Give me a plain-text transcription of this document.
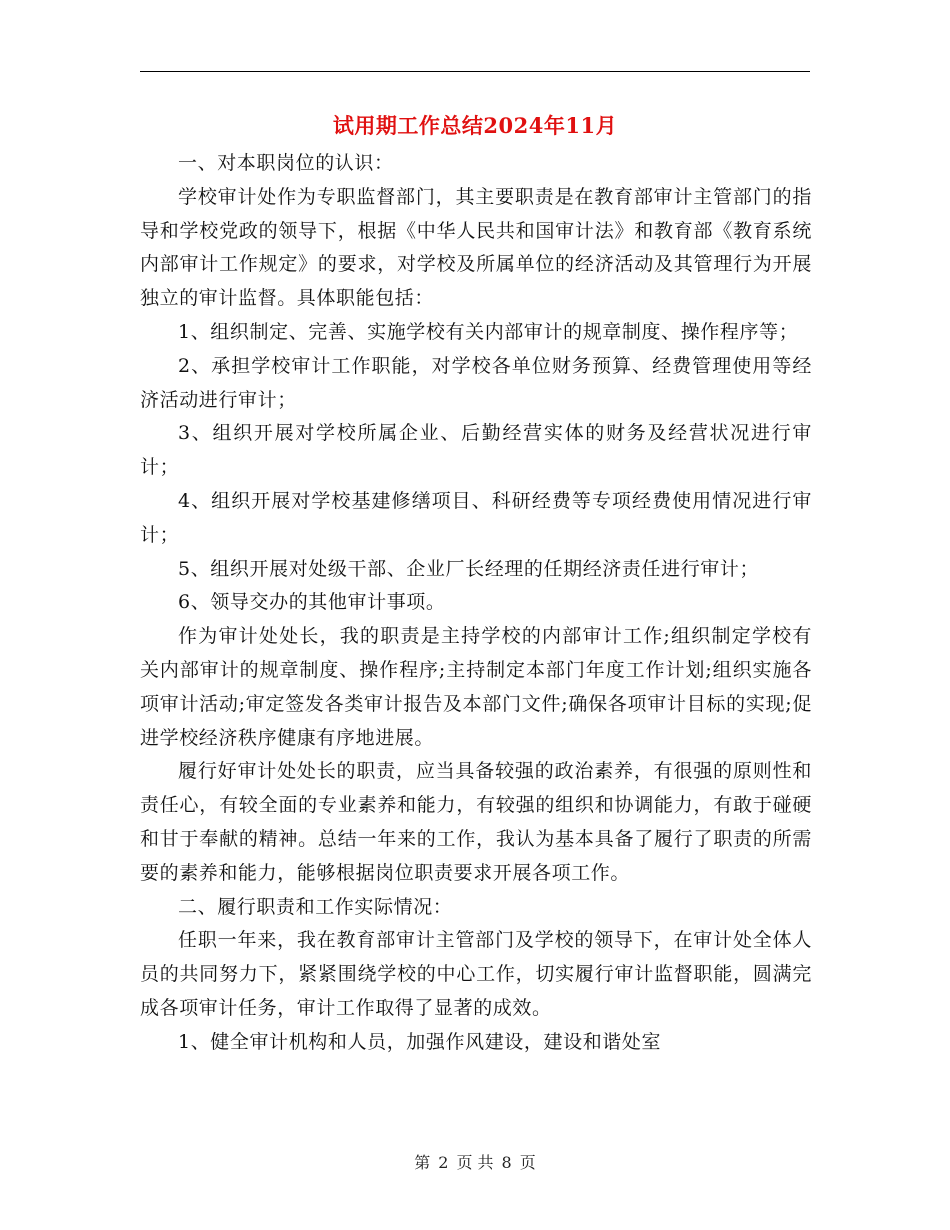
试用期工作总结2024年11月

一、对本职岗位的认识：

学校审计处作为专职监督部门，其主要职责是在教育部审计主管部门的指导和学校党政的领导下，根据《中华人民共和国审计法》和教育部《教育系统内部审计工作规定》的要求，对学校及所属单位的经济活动及其管理行为开展独立的审计监督。具体职能包括：

1、组织制定、完善、实施学校有关内部审计的规章制度、操作程序等；

2、承担学校审计工作职能，对学校各单位财务预算、经费管理使用等经济活动进行审计；

3、组织开展对学校所属企业、后勤经营实体的财务及经营状况进行审计；

4、组织开展对学校基建修缮项目、科研经费等专项经费使用情况进行审计；

5、组织开展对处级干部、企业厂长经理的任期经济责任进行审计；

6、领导交办的其他审计事项。

作为审计处处长，我的职责是主持学校的内部审计工作;组织制定学校有关内部审计的规章制度、操作程序;主持制定本部门年度工作计划;组织实施各项审计活动;审定签发各类审计报告及本部门文件;确保各项审计目标的实现;促进学校经济秩序健康有序地进展。

履行好审计处处长的职责，应当具备较强的政治素养，有很强的原则性和责任心，有较全面的专业素养和能力，有较强的组织和协调能力，有敢于碰硬和甘于奉献的精神。总结一年来的工作，我认为基本具备了履行了职责的所需要的素养和能力，能够根据岗位职责要求开展各项工作。

二、履行职责和工作实际情况：

任职一年来，我在教育部审计主管部门及学校的领导下，在审计处全体人员的共同努力下，紧紧围绕学校的中心工作，切实履行审计监督职能，圆满完成各项审计任务，审计工作取得了显著的成效。

1、健全审计机构和人员，加强作风建设，建设和谐处室

第 2 页 共 8 页
